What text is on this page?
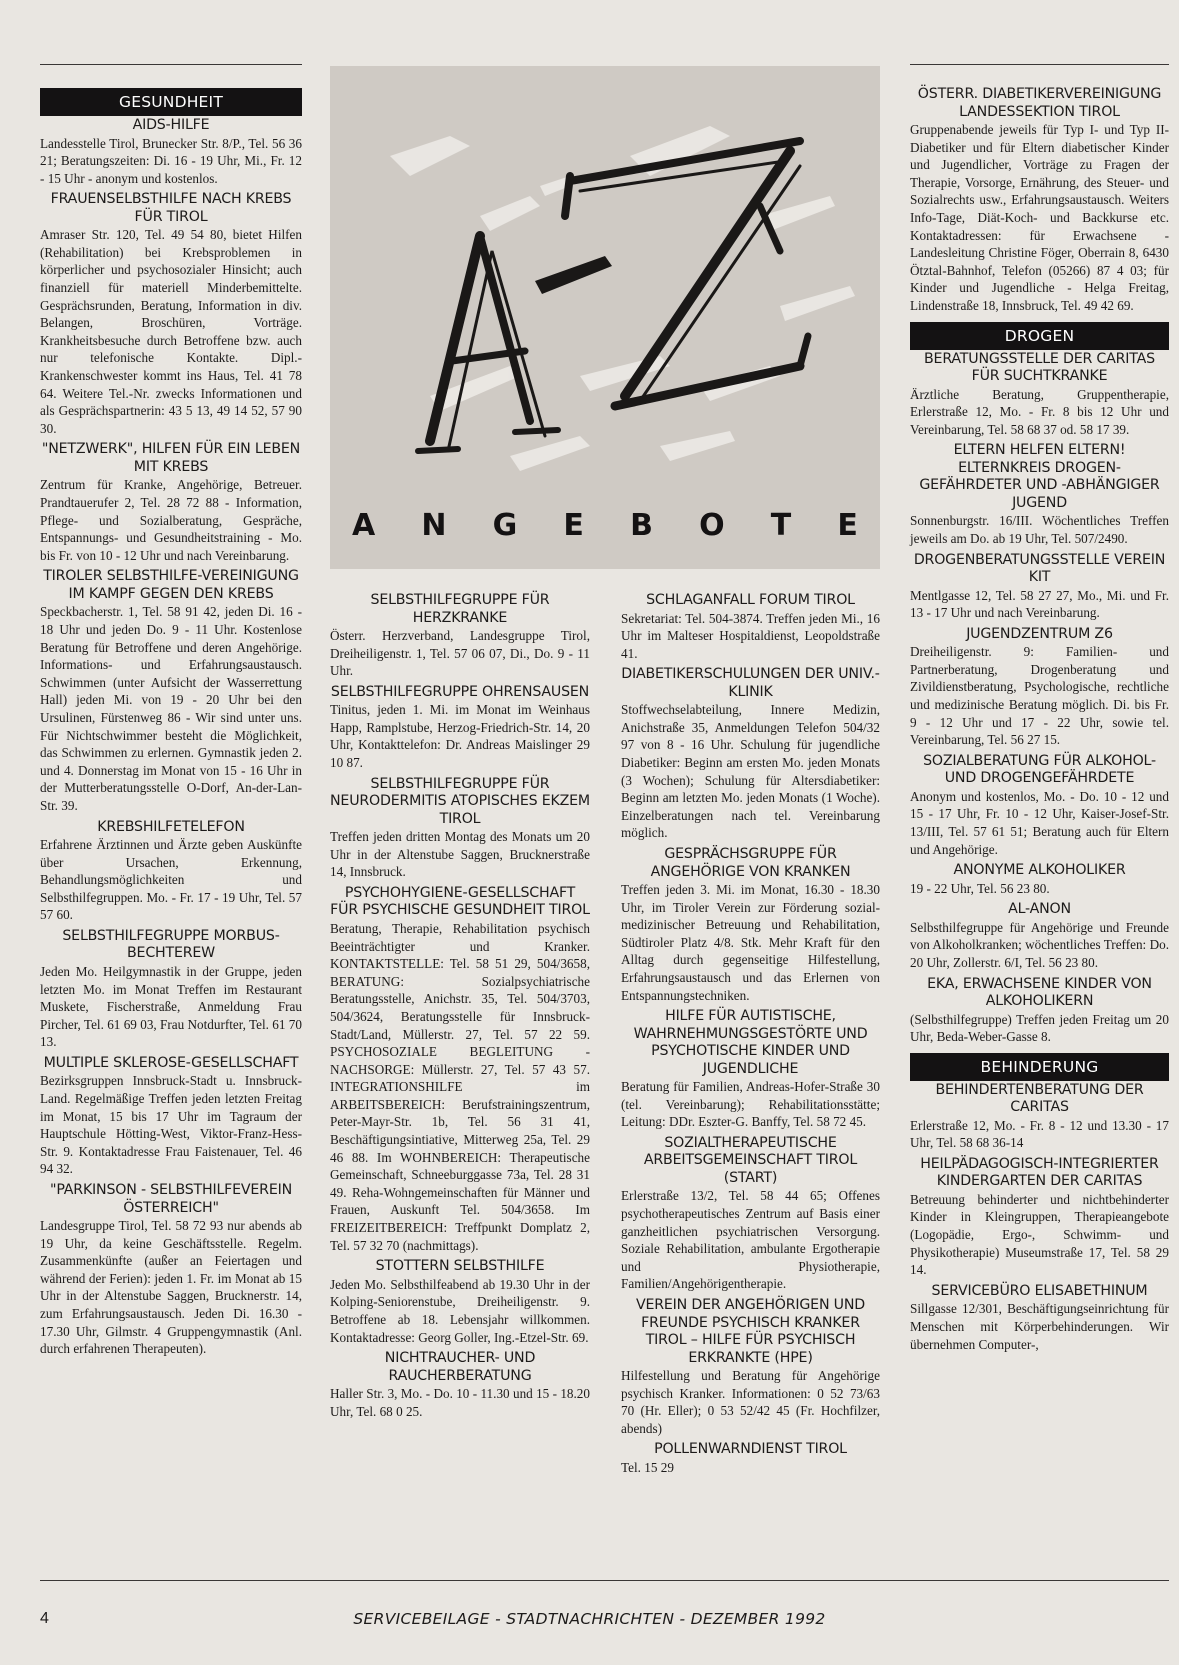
GESUNDHEIT
AIDS-HILFE

Landesstelle Tirol, Brunecker Str. 8/P., Tel. 56 36 21; Beratungszeiten: Di. 16 - 19 Uhr, Mi., Fr. 12 - 15 Uhr - anonym und kostenlos.

FRAUENSELBSTHILFE NACH KREBS FÜR TIROL

Amraser Str. 120, Tel. 49 54 80, bietet Hilfen (Rehabilitation) bei Krebsproblemen in körperlicher und psychosozialer Hinsicht; auch finanziell für materiell Minderbemittelte. Gesprächsrunden, Beratung, Information in div. Belangen, Broschüren, Vorträge. Krankheitsbesuche durch Betroffene bzw. auch nur telefonische Kontakte. Dipl.-Krankenschwester kommt ins Haus, Tel. 41 78 64. Weitere Tel.-Nr. zwecks Informationen und als Gesprächspartnerin: 43 5 13, 49 14 52, 57 90 30.

"NETZWERK", HILFEN FÜR EIN LEBEN MIT KREBS

Zentrum für Kranke, Angehörige, Betreuer. Prandtauerufer 2, Tel. 28 72 88 - Information, Pflege- und Sozialberatung, Gespräche, Entspannungs- und Gesundheitstraining - Mo. bis Fr. von 10 - 12 Uhr und nach Vereinbarung.

TIROLER SELBSTHILFE-VEREINIGUNG IM KAMPF GEGEN DEN KREBS

Speckbacherstr. 1, Tel. 58 91 42, jeden Di. 16 - 18 Uhr und jeden Do. 9 - 11 Uhr. Kostenlose Beratung für Betroffene und deren Angehörige. Informations- und Erfahrungsaustausch. Schwimmen (unter Aufsicht der Wasserrettung Hall) jeden Mi. von 19 - 20 Uhr bei den Ursulinen, Fürstenweg 86 - Wir sind unter uns. Für Nichtschwimmer besteht die Möglichkeit, das Schwimmen zu erlernen. Gymnastik jeden 2. und 4. Donnerstag im Monat von 15 - 16 Uhr in der Mutterberatungsstelle O-Dorf, An-der-Lan-Str. 39.

KREBSHILFETELEFON

Erfahrene Ärztinnen und Ärzte geben Auskünfte über Ursachen, Erkennung, Behandlungsmöglichkeiten und Selbsthilfegruppen. Mo. - Fr. 17 - 19 Uhr, Tel. 57 57 60.

SELBSTHILFEGRUPPE MORBUS-BECHTEREW

Jeden Mo. Heilgymnastik in der Gruppe, jeden letzten Mo. im Monat Treffen im Restaurant Muskete, Fischerstraße, Anmeldung Frau Pircher, Tel. 61 69 03, Frau Notdurfter, Tel. 61 70 13.

MULTIPLE SKLEROSE-GESELLSCHAFT

Bezirksgruppen Innsbruck-Stadt u. Innsbruck-Land. Regelmäßige Treffen jeden letzten Freitag im Monat, 15 bis 17 Uhr im Tagraum der Hauptschule Hötting-West, Viktor-Franz-Hess-Str. 9. Kontaktadresse Frau Faistenauer, Tel. 46 94 32.

"PARKINSON - SELBSTHILFEVEREIN ÖSTERREICH"

Landesgruppe Tirol, Tel. 58 72 93 nur abends ab 19 Uhr, da keine Geschäftsstelle. Regelm. Zusammenkünfte (außer an Feiertagen und während der Ferien): jeden 1. Fr. im Monat ab 15 Uhr in der Altenstube Saggen, Brucknerstr. 14, zum Erfahrungsaustausch. Jeden Di. 16.30 - 17.30 Uhr, Gilmstr. 4 Gruppengymnastik (Anl. durch erfahrenen Therapeuten).

A N G E B O T E
SELBSTHILFEGRUPPE FÜR HERZKRANKE

Österr. Herzverband, Landesgruppe Tirol, Dreiheiligenstr. 1, Tel. 57 06 07, Di., Do. 9 - 11 Uhr.

SELBSTHILFEGRUPPE OHRENSAUSEN

Tinitus, jeden 1. Mi. im Monat im Weinhaus Happ, Ramplstube, Herzog-Friedrich-Str. 14, 20 Uhr, Kontakttelefon: Dr. Andreas Maislinger 29 10 87.

SELBSTHILFEGRUPPE FÜR NEURODERMITIS ATOPISCHES EKZEM TIROL

Treffen jeden dritten Montag des Monats um 20 Uhr in der Altenstube Saggen, Brucknerstraße 14, Innsbruck.

PSYCHOHYGIENE-GESELLSCHAFT FÜR PSYCHISCHE GESUNDHEIT TIROL

Beratung, Therapie, Rehabilitation psychisch Beeinträchtigter und Kranker. KONTAKTSTELLE: Tel. 58 51 29, 504/3658, BERATUNG: Sozialpsychiatrische Beratungsstelle, Anichstr. 35, Tel. 504/3703, 504/3624, Beratungsstelle für Innsbruck-Stadt/Land, Müllerstr. 27, Tel. 57 22 59. PSYCHOSOZIALE BEGLEITUNG - NACHSORGE: Müllerstr. 27, Tel. 57 43 57. INTEGRATIONSHILFE im ARBEITSBEREICH: Berufstrainingszentrum, Peter-Mayr-Str. 1b, Tel. 56 31 41, Beschäftigungsintiative, Mitterweg 25a, Tel. 29 46 88. Im WOHNBEREICH: Therapeutische Gemeinschaft, Schneeburggasse 73a, Tel. 28 31 49. Reha-Wohngemeinschaften für Männer und Frauen, Auskunft Tel. 504/3658. Im FREIZEITBEREICH: Treffpunkt Domplatz 2, Tel. 57 32 70 (nachmittags).

STOTTERN SELBSTHILFE

Jeden Mo. Selbsthilfeabend ab 19.30 Uhr in der Kolping-Seniorenstube, Dreiheiligenstr. 9. Betroffene ab 18. Lebensjahr willkommen. Kontaktadresse: Georg Goller, Ing.-Etzel-Str. 69.

NICHTRAUCHER- UND RAUCHERBERATUNG

Haller Str. 3, Mo. - Do. 10 - 11.30 und 15 - 18.20 Uhr, Tel. 68 0 25.

SCHLAGANFALL FORUM TIROL

Sekretariat: Tel. 504-3874. Treffen jeden Mi., 16 Uhr im Malteser Hospitaldienst, Leopoldstraße 41.

DIABETIKERSCHULUNGEN DER UNIV.-KLINIK

Stoffwechselabteilung, Innere Medizin, Anichstraße 35, Anmeldungen Telefon 504/32 97 von 8 - 16 Uhr. Schulung für jugendliche Diabetiker: Beginn am ersten Mo. jeden Monats (3 Wochen); Schulung für Altersdiabetiker: Beginn am letzten Mo. jeden Monats (1 Woche). Einzelberatungen nach tel. Vereinbarung möglich.

GESPRÄCHSGRUPPE FÜR ANGEHÖRIGE VON KRANKEN

Treffen jeden 3. Mi. im Monat, 16.30 - 18.30 Uhr, im Tiroler Verein zur Förderung sozial-medizinischer Betreuung und Rehabilitation, Südtiroler Platz 4/8. Stk. Mehr Kraft für den Alltag durch gegenseitige Hilfestellung, Erfahrungsaustausch und das Erlernen von Entspannungstechniken.

HILFE FÜR AUTISTISCHE, WAHRNEHMUNGSGESTÖRTE UND PSYCHOTISCHE KINDER UND JUGENDLICHE

Beratung für Familien, Andreas-Hofer-Straße 30 (tel. Vereinbarung); Rehabilitationsstätte; Leitung: DDr. Eszter-G. Banffy, Tel. 58 72 45.

SOZIALTHERAPEUTISCHE ARBEITSGEMEINSCHAFT TIROL (START)

Erlerstraße 13/2, Tel. 58 44 65; Offenes psychotherapeutisches Zentrum auf Basis einer ganzheitlichen psychiatrischen Versorgung. Soziale Rehabilitation, ambulante Ergotherapie und Physiotherapie, Familien/Angehörigentherapie.

VEREIN DER ANGEHÖRIGEN UND FREUNDE PSYCHISCH KRANKER TIROL – HILFE FÜR PSYCHISCH ERKRANKTE (HPE)

Hilfestellung und Beratung für Angehörige psychisch Kranker. Informationen: 0 52 73/63 70 (Hr. Eller); 0 53 52/42 45 (Fr. Hochfilzer, abends)

POLLENWARNDIENST TIROL

Tel. 15 29

ÖSTERR. DIABETIKERVEREINIGUNG LANDESSEKTION TIROL

Gruppenabende jeweils für Typ I- und Typ II-Diabetiker und für Eltern diabetischer Kinder und Jugendlicher, Vorträge zu Fragen der Therapie, Vorsorge, Ernährung, des Steuer- und Sozialrechts usw., Erfahrungsaustausch. Weiters Info-Tage, Diät-Koch- und Backkurse etc. Kontaktadressen: für Erwachsene - Landesleitung Christine Föger, Oberrain 8, 6430 Ötztal-Bahnhof, Telefon (05266) 87 4 03; für Kinder und Jugendliche - Helga Freitag, Lindenstraße 18, Innsbruck, Tel. 49 42 69.

DROGEN
BERATUNGSSTELLE DER CARITAS FÜR SUCHTKRANKE

Ärztliche Beratung, Gruppentherapie, Erlerstraße 12, Mo. - Fr. 8 bis 12 Uhr und Vereinbarung, Tel. 58 68 37 od. 58 17 39.

ELTERN HELFEN ELTERN! ELTERNKREIS DROGEN-GEFÄHRDETER UND -ABHÄNGIGER JUGEND

Sonnenburgstr. 16/III. Wöchentliches Treffen jeweils am Do. ab 19 Uhr, Tel. 507/2490.

DROGENBERATUNGSSTELLE VEREIN KIT

Mentlgasse 12, Tel. 58 27 27, Mo., Mi. und Fr. 13 - 17 Uhr und nach Vereinbarung.

JUGENDZENTRUM Z6

Dreiheiligenstr. 9: Familien- und Partnerberatung, Drogenberatung und Zivildienstberatung, Psychologische, rechtliche und medizinische Beratung möglich. Di. bis Fr. 9 - 12 Uhr und 17 - 22 Uhr, sowie tel. Vereinbarung, Tel. 56 27 15.

SOZIALBERATUNG FÜR ALKOHOL- UND DROGENGEFÄHRDETE

Anonym und kostenlos, Mo. - Do. 10 - 12 und 15 - 17 Uhr, Fr. 10 - 12 Uhr, Kaiser-Josef-Str. 13/III, Tel. 57 61 51; Beratung auch für Eltern und Angehörige.

ANONYME ALKOHOLIKER

19 - 22 Uhr, Tel. 56 23 80.

AL-ANON

Selbsthilfegruppe für Angehörige und Freunde von Alkoholkranken; wöchentliches Treffen: Do. 20 Uhr, Zollerstr. 6/I, Tel. 56 23 80.

EKA, ERWACHSENE KINDER VON ALKOHOLIKERN

(Selbsthilfegruppe) Treffen jeden Freitag um 20 Uhr, Beda-Weber-Gasse 8.

BEHINDERUNG
BEHINDERTENBERATUNG DER CARITAS

Erlerstraße 12, Mo. - Fr. 8 - 12 und 13.30 - 17 Uhr, Tel. 58 68 36-14

HEILPÄDAGOGISCH-INTEGRIERTER KINDERGARTEN DER CARITAS

Betreuung behinderter und nichtbehinderter Kinder in Kleingruppen, Therapieangebote (Logopädie, Ergo-, Schwimm- und Physikotherapie) Museumstraße 17, Tel. 58 29 14.

SERVICEBÜRO ELISABETHINUM

Sillgasse 12/301, Beschäftigungseinrichtung für Menschen mit Körperbehinderungen. Wir übernehmen Computer-,

4	SERVICEBEILAGE - STADTNACHRICHTEN - DEZEMBER 1992
